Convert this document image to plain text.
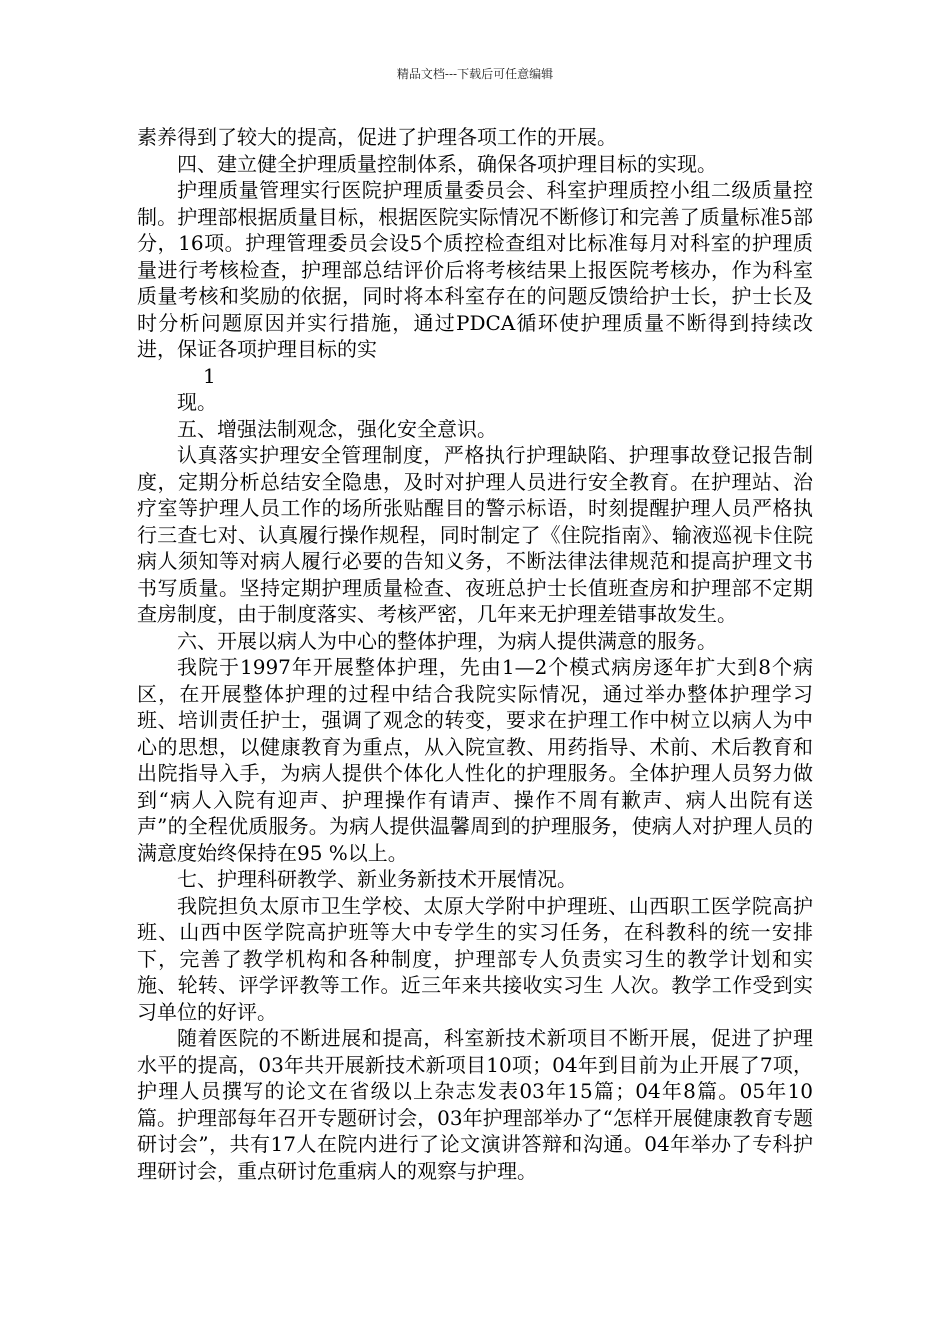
精品文档---下载后可任意编辑

素养得到了较大的提高，促进了护理各项工作的开展。

四、建立健全护理质量控制体系，确保各项护理目标的实现。

护理质量管理实行医院护理质量委员会、科室护理质控小组二级质量控制。护理部根据质量目标，根据医院实际情况不断修订和完善了质量标准5部分，16项。护理管理委员会设5个质控检查组对比标准每月对科室的护理质量进行考核检查，护理部总结评价后将考核结果上报医院考核办，作为科室质量考核和奖励的依据，同时将本科室存在的问题反馈给护士长，护士长及时分析问题原因并实行措施，通过PDCA循环使护理质量不断得到持续改进，保证各项护理目标的实

1

现。

五、增强法制观念，强化安全意识。

认真落实护理安全管理制度，严格执行护理缺陷、护理事故登记报告制度，定期分析总结安全隐患，及时对护理人员进行安全教育。在护理站、治疗室等护理人员工作的场所张贴醒目的警示标语，时刻提醒护理人员严格执行三查七对、认真履行操作规程，同时制定了《住院指南》、输液巡视卡住院病人须知等对病人履行必要的告知义务，不断法律法律规范和提高护理文书书写质量。坚持定期护理质量检查、夜班总护士长值班查房和护理部不定期查房制度，由于制度落实、考核严密，几年来无护理差错事故发生。

六、开展以病人为中心的整体护理，为病人提供满意的服务。

我院于1997年开展整体护理，先由1—2个模式病房逐年扩大到8个病区，在开展整体护理的过程中结合我院实际情况，通过举办整体护理学习班、培训责任护士，强调了观念的转变，要求在护理工作中树立以病人为中心的思想，以健康教育为重点，从入院宣教、用药指导、术前、术后教育和出院指导入手，为病人提供个体化人性化的护理服务。全体护理人员努力做到“病人入院有迎声、护理操作有请声、操作不周有歉声、病人出院有送声”的全程优质服务。为病人提供温馨周到的护理服务，使病人对护理人员的满意度始终保持在95 %以上。

七、护理科研教学、新业务新技术开展情况。

我院担负太原市卫生学校、太原大学附中护理班、山西职工医学院高护班、山西中医学院高护班等大中专学生的实习任务，在科教科的统一安排下，完善了教学机构和各种制度，护理部专人负责实习生的教学计划和实施、轮转、评学评教等工作。近三年来共接收实习生 人次。教学工作受到实习单位的好评。

随着医院的不断进展和提高，科室新技术新项目不断开展，促进了护理水平的提高，03年共开展新技术新项目10项；04年到目前为止开展了7项，护理人员撰写的论文在省级以上杂志发表03年15篇；04年8篇。05年10 篇。护理部每年召开专题研讨会，03年护理部举办了“怎样开展健康教育专题研讨会”，共有17人在院内进行了论文演讲答辩和沟通。04年举办了专科护理研讨会，重点研讨危重病人的观察与护理。
